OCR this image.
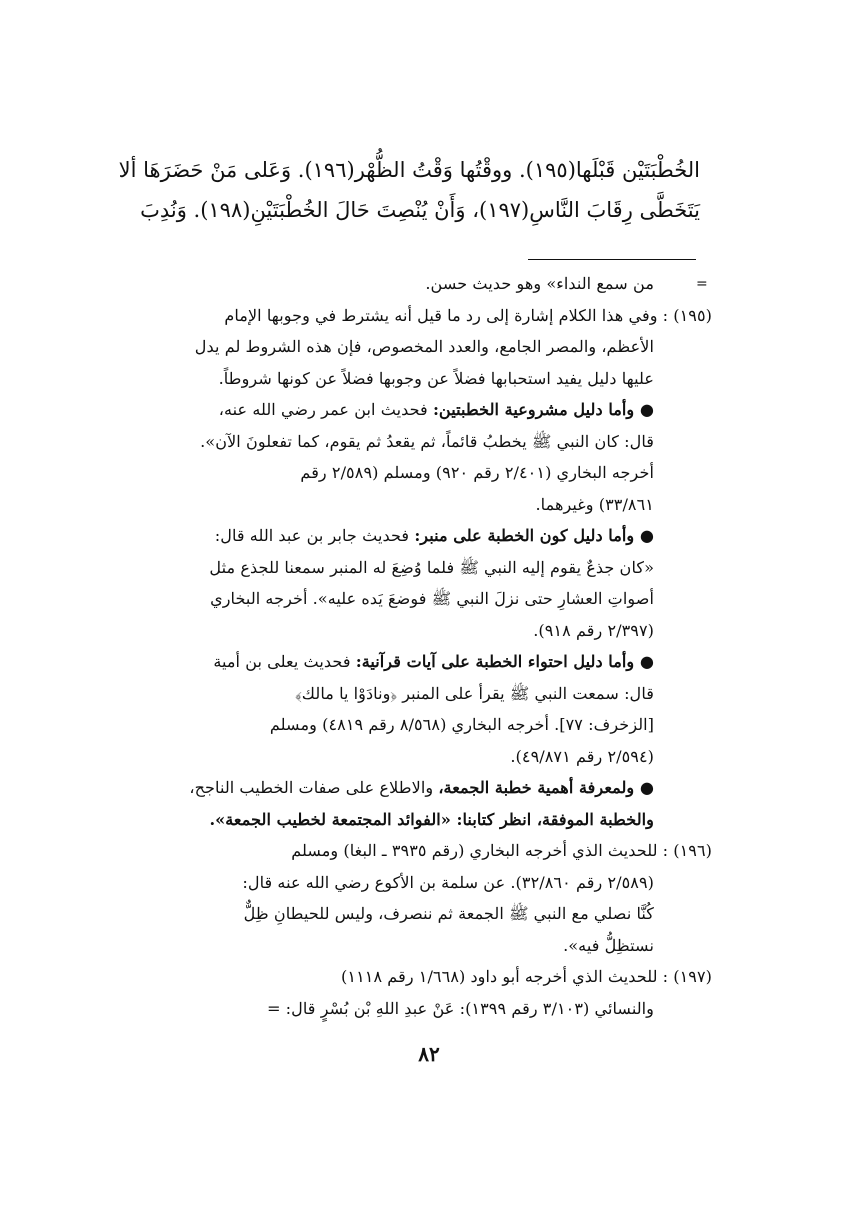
الخُطْبَتَيْن قَبْلَها(١٩٥). ووقْتُها وَقْتُ الظُّهْر(١٩٦). وَعَلى مَنْ حَضَرَهَا ألا
يَتَخَطَّى رِقَابَ النَّاسِ(١٩٧)، وَأَنْ يُنْصِتَ حَالَ الخُطْبَتَيْنِ(١٩٨). وَنُدِبَ
=
من سمع النداء» وهو حديث حسن.
(١٩٥) : وفي هذا الكلام إشارة إلى رد ما قيل أنه يشترط في وجوبها الإمام
الأعظم، والمصر الجامع، والعدد المخصوص، فإن هذه الشروط لم يدل
عليها دليل يفيد استحبابها فضلاً عن وجوبها فضلاً عن كونها شروطاً.
● وأما دليل مشروعية الخطبتين: فحديث ابن عمر رضي الله عنه،
قال: كان النبي ﷺ يخطبُ قائماً، ثم يقعدُ ثم يقوم، كما تفعلونَ الآن».
أخرجه البخاري (٢/٤٠١ رقم ٩٢٠) ومسلم (٢/٥٨٩ رقم
٣٣/٨٦١) وغيرهما.
● وأما دليل كون الخطبة على منبر: فحديث جابر بن عبد الله قال:
«كان جذعٌ يقوم إليه النبي ﷺ فلما وُضِعَ له المنبر سمعنا للجذع مثل
أصواتِ العشارِ حتى نزلَ النبي ﷺ فوضعَ يَده عليه». أخرجه البخاري
(٢/٣٩٧ رقم ٩١٨).
● وأما دليل احتواء الخطبة على آيات قرآنية: فحديث يعلى بن أمية
قال: سمعت النبي ﷺ يقرأ على المنبر ﴿ونادَوْا يا مالك﴾
[الزخرف: ٧٧]. أخرجه البخاري (٨/٥٦٨ رقم ٤٨١٩) ومسلم
(٢/٥٩٤ رقم ٤٩/٨٧١).
● ولمعرفة أهمية خطبة الجمعة، والاطلاع على صفات الخطيب الناجح،
والخطبة الموفقة، انظر كتابنا: «الفوائد المجتمعة لخطيب الجمعة».
(١٩٦) : للحديث الذي أخرجه البخاري (رقم ٣٩٣٥ ـ البغا) ومسلم
(٢/٥٨٩ رقم ٣٢/٨٦٠). عن سلمة بن الأكوع رضي الله عنه قال:
كُنَّا نصلي مع النبي ﷺ الجمعة ثم ننصرف، وليس للحيطانِ ظِلٌّ
نستظِلُّ فيه».
(١٩٧) : للحديث الذي أخرجه أبو داود (١/٦٦٨ رقم ١١١٨)
والنسائي (٣/١٠٣ رقم ١٣٩٩): عَنْ عبدِ اللهِ بْن بُسْرٍ قال: =
٨٢
